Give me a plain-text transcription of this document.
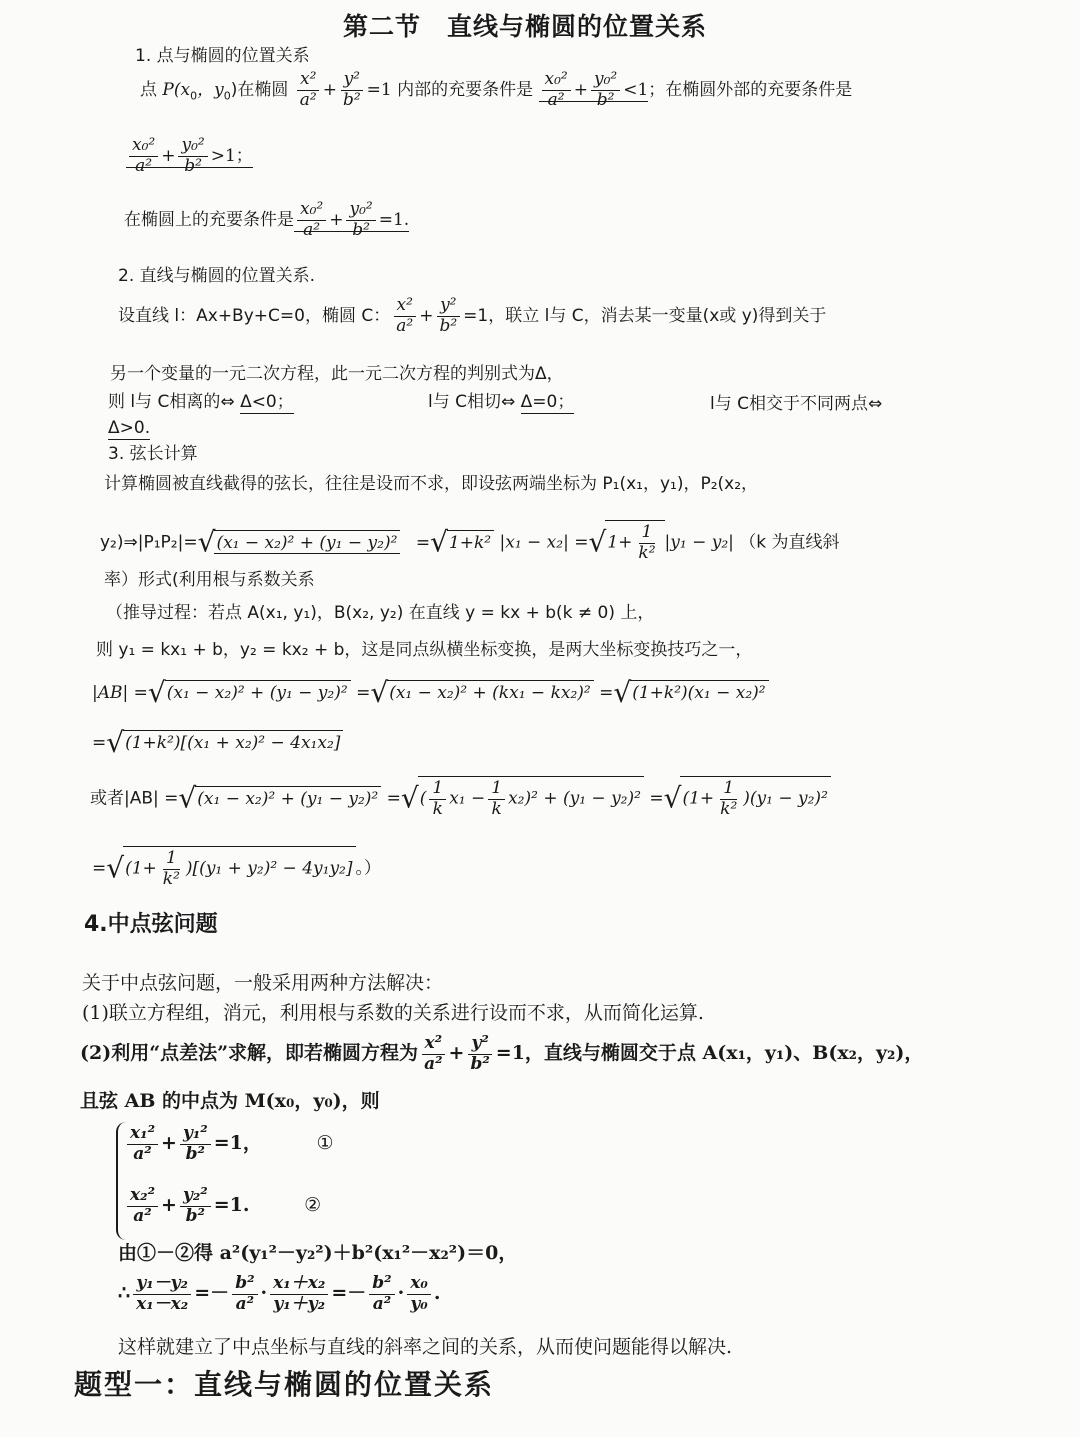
第二节　直线与椭圆的位置关系
1. 点与椭圆的位置关系
点 $P(x_0$，$y_0$)在椭圆 $\frac{\text{x²}}{\text{a²}} + \frac{\text{y²}}{\text{b²}} =1$ 内部的充要条件是 $\frac{\text{x₀²}}{\text{a²}} + \frac{\text{y₀²}}{\text{b²}} <1$；在椭圆外部的充要条件是
$\frac{\text{x₀²}}{\text{a²}} + \frac{\text{y₀²}}{\text{b²}} >1$；
在椭圆上的充要条件是 $\frac{\text{x₀²}}{\text{a²}} + \frac{\text{y₀²}}{\text{b²}} =1$.
2. 直线与椭圆的位置关系.
设直线 l：Ax+By+C=0，椭圆 C： $\frac{\text{x²}}{\text{a²}} + \frac{\text{y²}}{\text{b²}} =1$，联立 l与 C，消去某一变量(x或 y)得到关于
另一个变量的一元二次方程，此一元二次方程的判别式为Δ，
则 l与 C相离的⇔ Δ<0；	l与 C相切⇔ Δ=0；	l与 C相交于不同两点⇔
Δ>0.
3. 弦长计算
计算椭圆被直线截得的弦长，往往是设而不求，即设弦两端坐标为 P₁(x₁，y₁)，P₂(x₂，
y₂)⇒|P₁P₂|=√(x₁ − x₂)² + (y₁ − y₂)² =√1+k² $|x_1 - x_2| =√1+ \frac{1}{\text{k²}} |y_1 - y_2|$ （k 为直线斜
率）形式(利用根与系数关系
（推导过程：若点 A(x₁, y₁)，B(x₂, y₂) 在直线 y = kx + b(k ≠ 0) 上，
则 y₁ = kx₁ + b，y₂ = kx₂ + b，这是同点纵横坐标变换，是两大坐标变换技巧之一，
|AB| =√(x₁ − x₂)² + (y₁ − y₂)² =√(x₁ − x₂)² + (kx₁ − kx₂)² =√(1+k²)(x₁ − x₂)²
=√(1+k²)[(x₁ + x₂)² − 4x₁x₂]
或者|AB| =√(x₁ − x₂)² + (y₁ − y₂)² =√( $\frac{1}{k} x_1 - \frac{1}{k} x_2)^2 + (y_1 - y_2)^2 =√(1+ \frac{1}{\text{k²}} )(y_1 - y_2)^2$
$=√(1+ \frac{1}{\text{k²}} )[(y_1 + y_2)^2 - 4y_1y_2]$ 。）
4.中点弦问题
关于中点弦问题，一般采用两种方法解决：
(1)联立方程组，消元，利用根与系数的关系进行设而不求，从而简化运算.
(2)利用“点差法”求解，即若椭圆方程为 $\frac{\text{x²}}{\text{a²}} + \frac{\text{y²}}{\text{b²}} =1$，直线与椭圆交于点 A(x₁，y₁)、B(x₂，y₂)，
且弦 AB 的中点为 M(x₀，y₀)，则
$\frac{\text{x₁²}}{\text{a²}} + \frac{\text{y₁²}}{\text{b²}} =1$，	①
$\frac{\text{x₂²}}{\text{a²}} + \frac{\text{y₂²}}{\text{b²}} =1$.	②
由①－②得 a²(y₁²－y₂²)＋b²(x₁²－x₂²)＝0，
∴ $\frac{\text{y₁－y₂}}{\text{x₁－x₂}} =- \frac{\text{b²}}{\text{a²}} \cdot \frac{\text{x₁＋x₂}}{\text{y₁＋y₂}} =- \frac{\text{b²}}{\text{a²}} \cdot \frac{\text{x₀}}{\text{y₀}}$ .
这样就建立了中点坐标与直线的斜率之间的关系，从而使问题能得以解决.
题型一：直线与椭圆的位置关系
